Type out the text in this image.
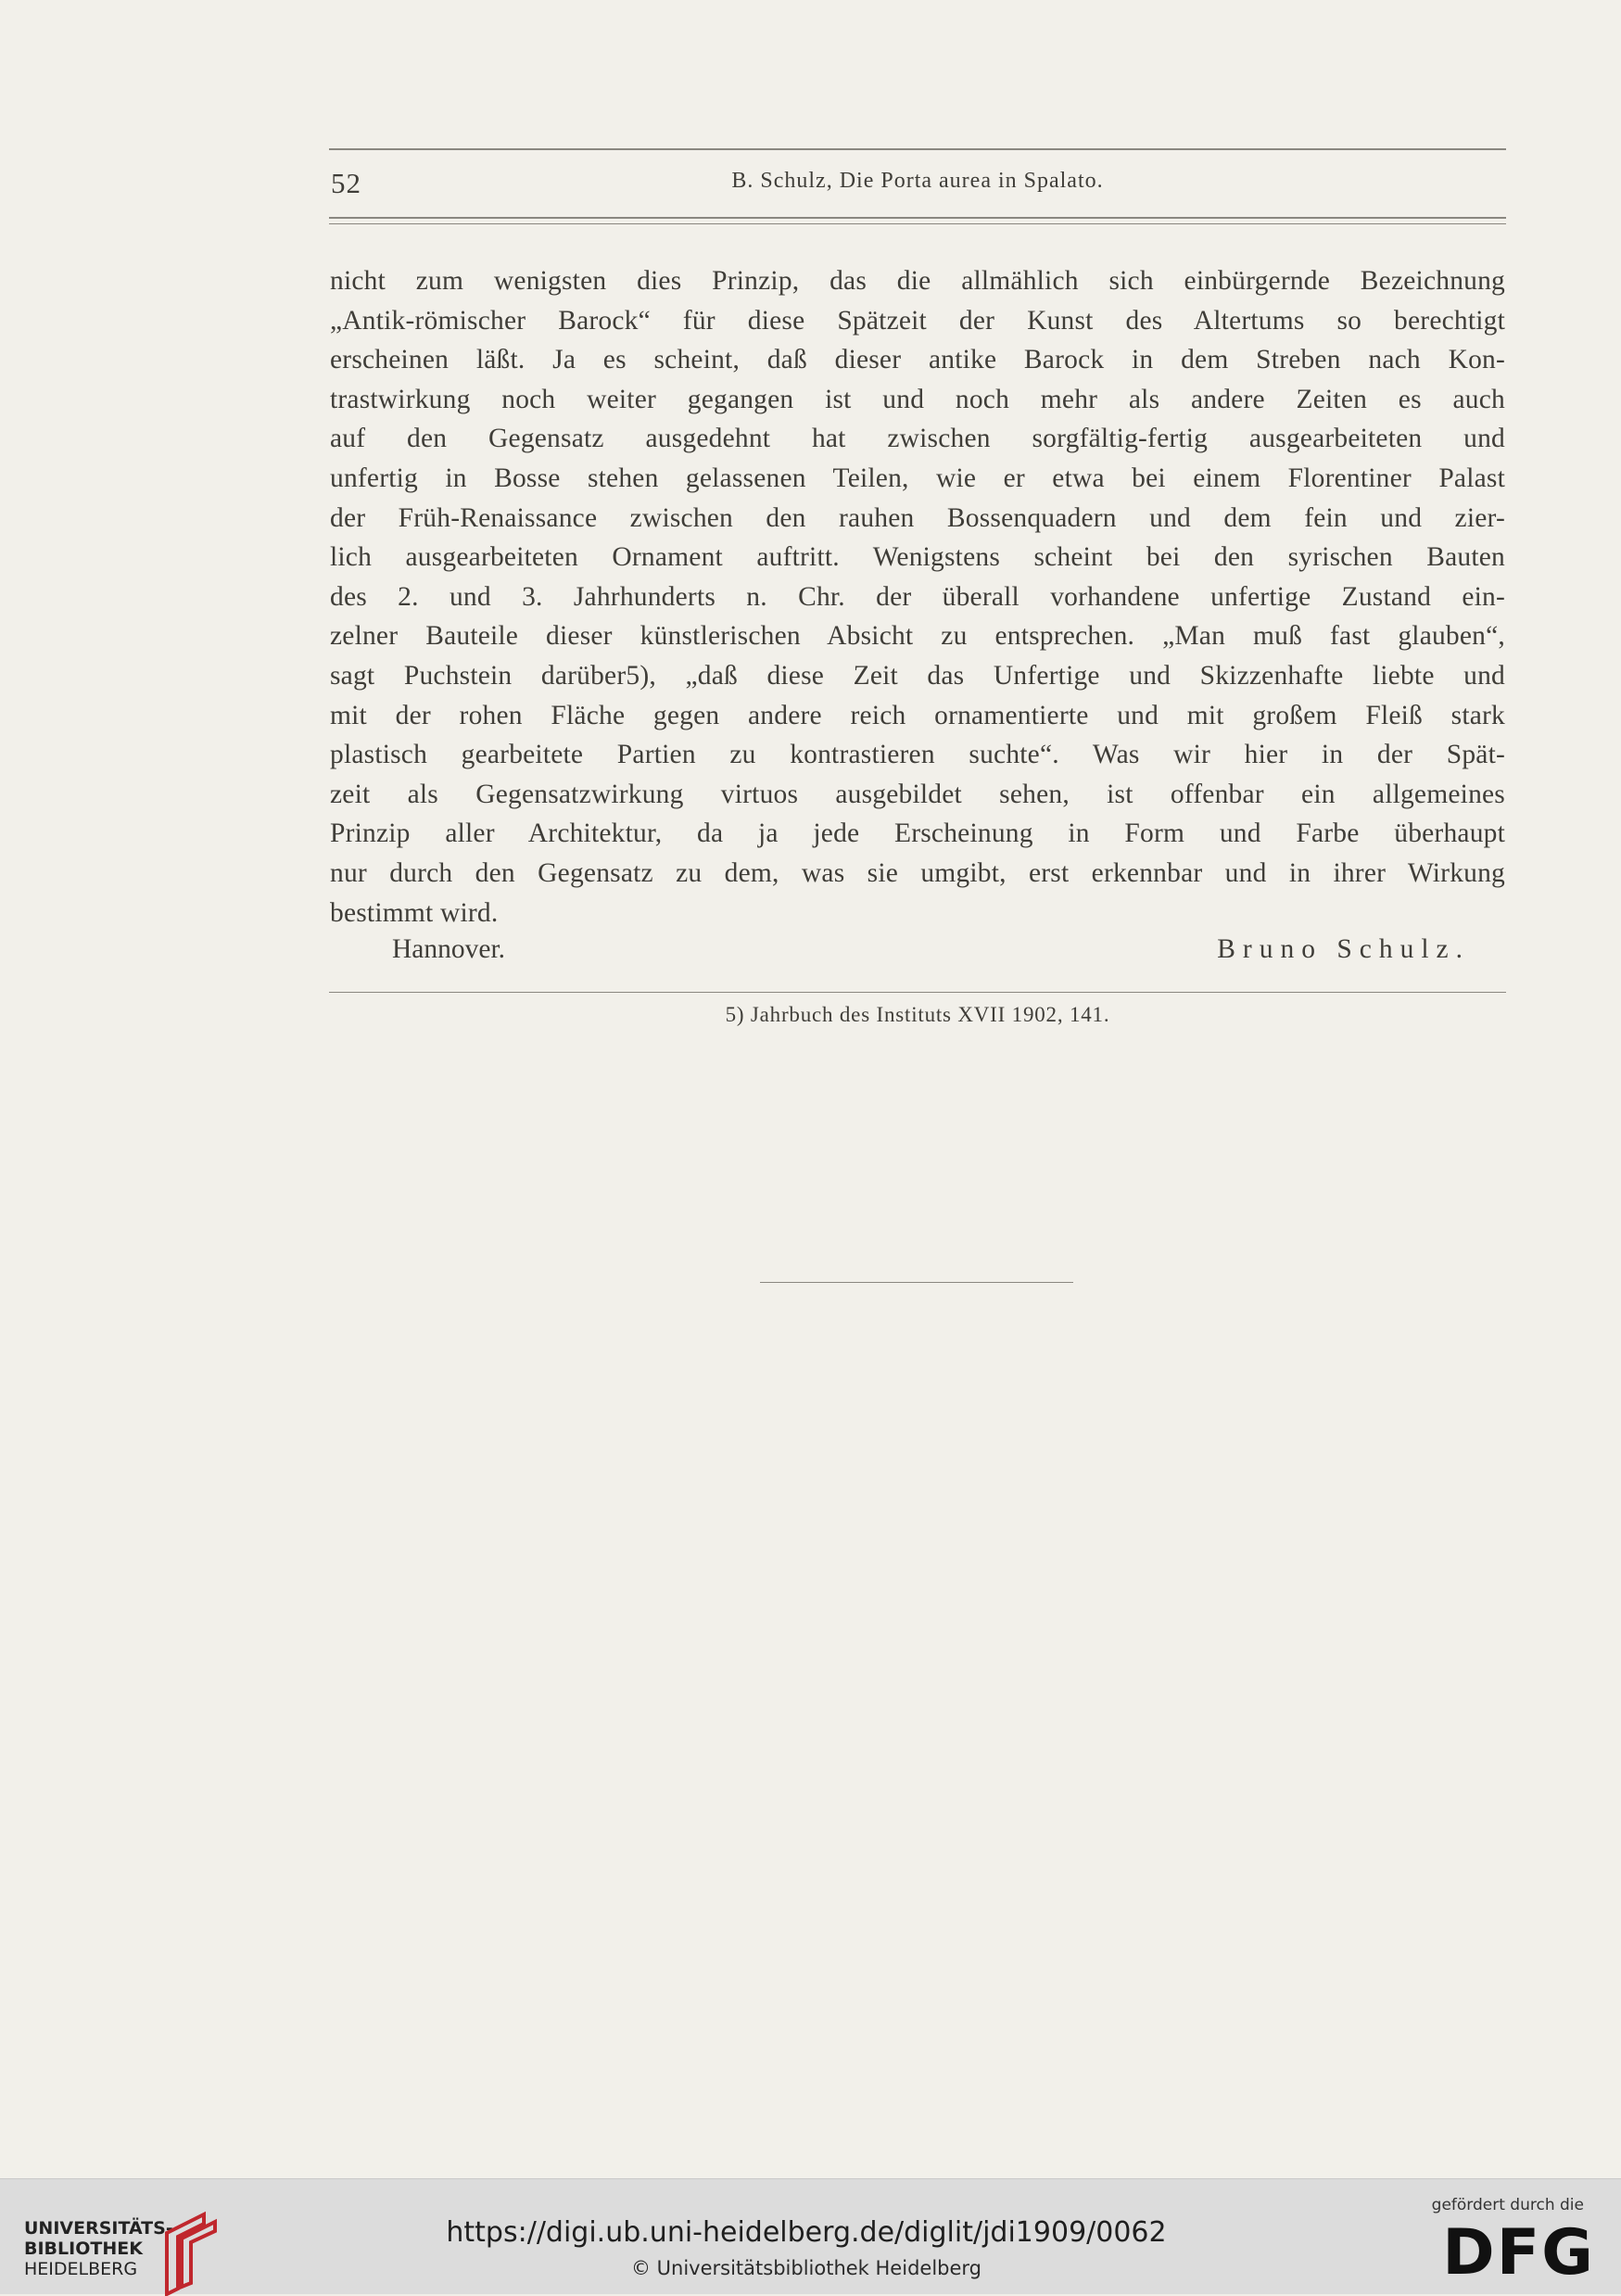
52	B. Schulz, Die Porta aurea in Spalato.
nicht zum wenigsten dies Prinzip, das die allmählich sich einbürgernde Bezeichnung
„Antik-römischer Barock“ für diese Spätzeit der Kunst des Altertums so berechtigt
erscheinen läßt. Ja es scheint, daß dieser antike Barock in dem Streben nach Kon-
trastwirkung noch weiter gegangen ist und noch mehr als andere Zeiten es auch
auf den Gegensatz ausgedehnt hat zwischen sorgfältig-fertig ausgearbeiteten und
unfertig in Bosse stehen gelassenen Teilen, wie er etwa bei einem Florentiner Palast
der Früh-Renaissance zwischen den rauhen Bossenquadern und dem fein und zier-
lich ausgearbeiteten Ornament auftritt. Wenigstens scheint bei den syrischen Bauten
des 2. und 3. Jahrhunderts n. Chr. der überall vorhandene unfertige Zustand ein-
zelner Bauteile dieser künstlerischen Absicht zu entsprechen. „Man muß fast glauben“,
sagt Puchstein darüber5), „daß diese Zeit das Unfertige und Skizzenhafte liebte und
mit der rohen Fläche gegen andere reich ornamentierte und mit großem Fleiß stark
plastisch gearbeitete Partien zu kontrastieren suchte“. Was wir hier in der Spät-
zeit als Gegensatzwirkung virtuos ausgebildet sehen, ist offenbar ein allgemeines
Prinzip aller Architektur, da ja jede Erscheinung in Form und Farbe überhaupt
nur durch den Gegensatz zu dem, was sie umgibt, erst erkennbar und in ihrer Wirkung
bestimmt wird.
Hannover.	Bruno Schulz.
5) Jahrbuch des Instituts XVII 1902, 141.
UNIVERSITÄTS-
BIBLIOTHEK
HEIDELBERG
https://digi.ub.uni-heidelberg.de/diglit/jdi1909/0062
© Universitätsbibliothek Heidelberg
gefördert durch die
DFG
